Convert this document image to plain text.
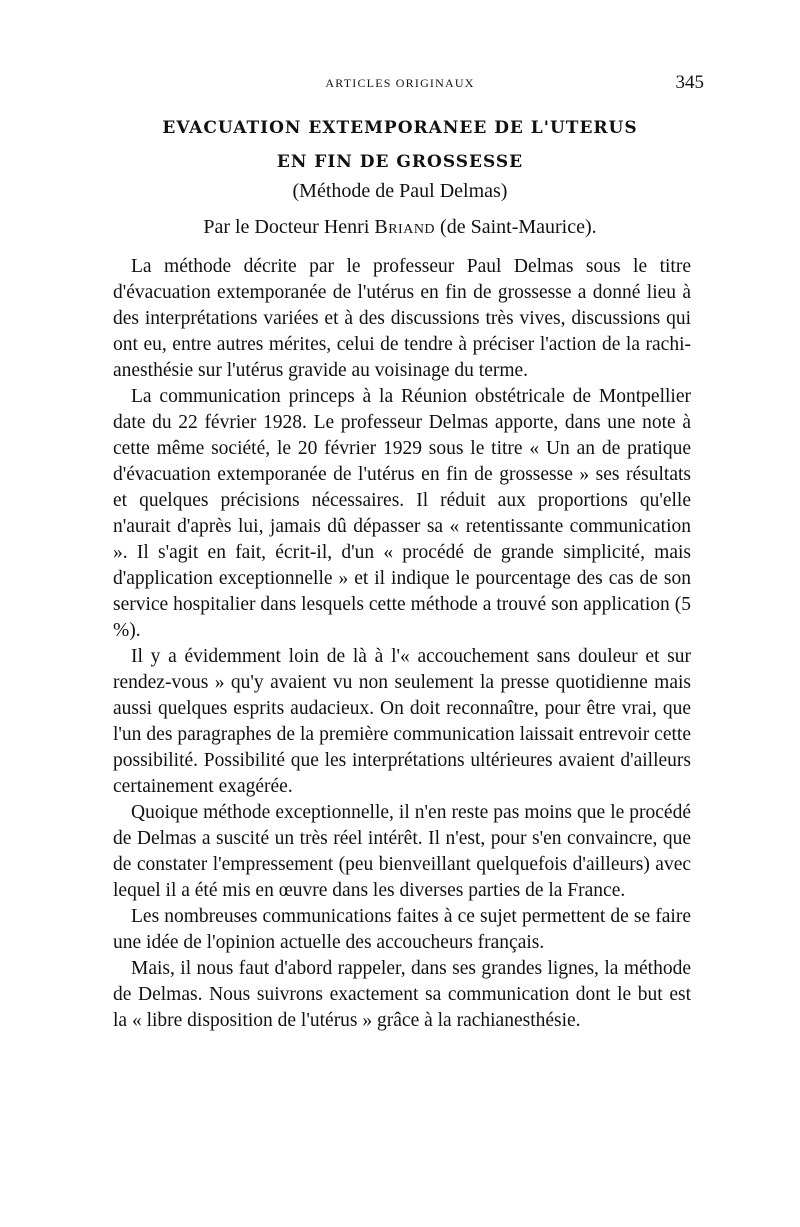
ARTICLES ORIGINAUX	345
EVACUATION EXTEMPORANEE DE L'UTERUS
EN FIN DE GROSSESSE
(Méthode de Paul Delmas)
Par le Docteur Henri Briand (de Saint-Maurice).

La méthode décrite par le professeur Paul Delmas sous le titre d'évacuation extemporanée de l'utérus en fin de grossesse a donné lieu à des interprétations variées et à des discussions très vives, discussions qui ont eu, entre autres mérites, celui de tendre à préciser l'action de la rachi-anesthésie sur l'utérus gravide au voisinage du terme.

La communication princeps à la Réunion obstétricale de Montpellier date du 22 février 1928. Le professeur Delmas apporte, dans une note à cette même société, le 20 février 1929 sous le titre « Un an de pratique d'évacuation extemporanée de l'utérus en fin de grossesse » ses résultats et quelques précisions nécessaires. Il réduit aux proportions qu'elle n'aurait d'après lui, jamais dû dépasser sa « retentissante communication ». Il s'agit en fait, écrit-il, d'un « procédé de grande simplicité, mais d'application exceptionnelle » et il indique le pourcentage des cas de son service hospitalier dans lesquels cette méthode a trouvé son application (5 %).

Il y a évidemment loin de là à l'« accouchement sans douleur et sur rendez-vous » qu'y avaient vu non seulement la presse quotidienne mais aussi quelques esprits audacieux. On doit reconnaître, pour être vrai, que l'un des paragraphes de la première communication laissait entrevoir cette possibilité. Possibilité que les interprétations ultérieures avaient d'ailleurs certainement exagérée.

Quoique méthode exceptionnelle, il n'en reste pas moins que le procédé de Delmas a suscité un très réel intérêt. Il n'est, pour s'en convaincre, que de constater l'empressement (peu bienveillant quelquefois d'ailleurs) avec lequel il a été mis en œuvre dans les diverses parties de la France.

Les nombreuses communications faites à ce sujet permettent de se faire une idée de l'opinion actuelle des accoucheurs français.

Mais, il nous faut d'abord rappeler, dans ses grandes lignes, la méthode de Delmas. Nous suivrons exactement sa communication dont le but est la « libre disposition de l'utérus » grâce à la rachianesthésie.
